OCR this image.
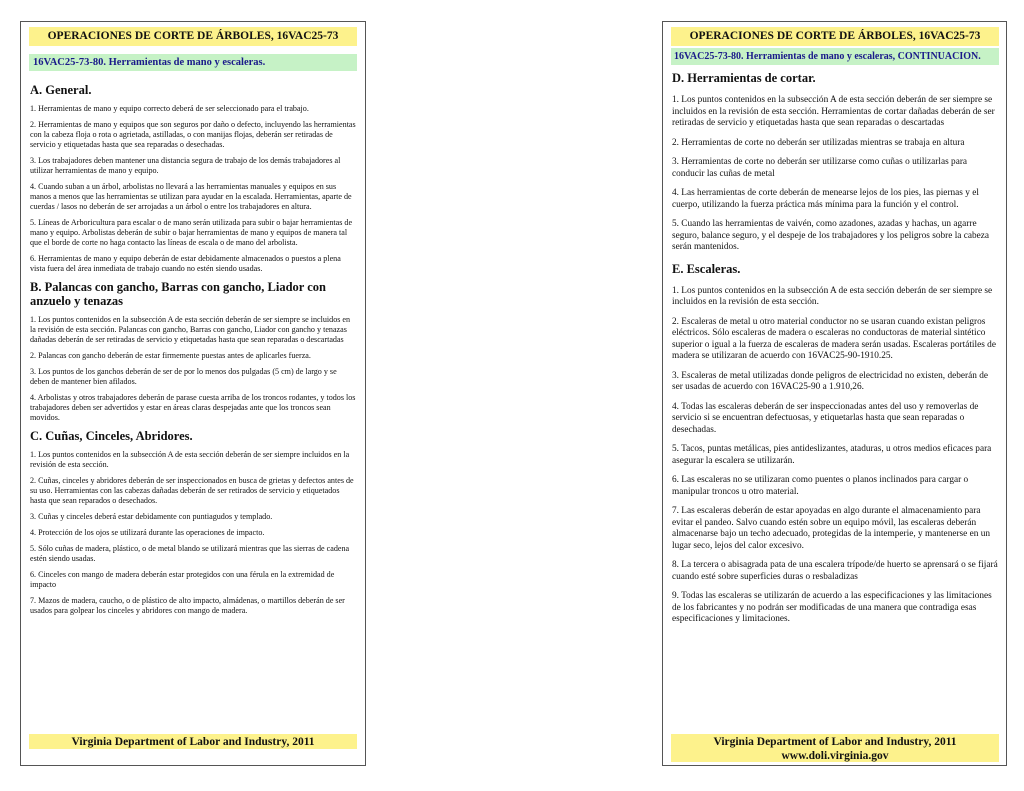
OPERACIONES DE CORTE DE ÁRBOLES, 16VAC25-73
16VAC25-73-80. Herramientas de mano y escaleras.
A. General.

1. Herramientas de mano y equipo correcto deberá de ser seleccionado para el trabajo.

2. Herramientas de mano y equipos que son seguros por daño o defecto, incluyendo las herramientas con la cabeza floja o rota o agrietada, astilladas, o con manijas flojas, deberán ser retiradas de servicio y etiquetadas hasta que sea reparadas o desechadas.

3. Los trabajadores deben mantener una distancia segura de trabajo de los demás trabajadores al utilizar herramientas de mano y equipo.

4. Cuando suban a un árbol, arbolistas no llevará a las herramientas manuales y equipos en sus manos a menos que las herramientas se utilizan para ayudar en la escalada. Herramientas, aparte de cuerdas / lasos no deberán de ser arrojadas a un árbol o entre los trabajadores en altura.

5. Líneas de Arboricultura para escalar o de mano serán utilizada para subir o bajar herramientas de mano y equipo. Arbolistas deberán de subir o bajar herramientas de mano y equipos de manera tal que el borde de corte no haga contacto las líneas de escala o de mano del arbolista.

6. Herramientas de mano y equipo deberán de estar debidamente almacenados o puestos a plena vista fuera del área inmediata de trabajo cuando no estén siendo usadas.

B. Palancas con gancho, Barras con gancho, Liador con anzuelo y tenazas

1. Los puntos contenidos en la subsección A de esta sección deberán de ser siempre se incluidos en la revisión de esta sección. Palancas con gancho, Barras con gancho, Liador con gancho y tenazas dañadas deberán de ser retiradas de servicio y etiquetadas hasta que sean reparadas o descartadas

2. Palancas con gancho deberán de estar firmemente puestas antes de aplicarles fuerza.

3. Los puntos de los ganchos deberán de ser de por lo menos dos pulgadas (5 cm) de largo y se deben de mantener bien afilados.

4. Arbolistas y otros trabajadores deberán de parase cuesta arriba de los troncos rodantes, y todos los trabajadores deben ser advertidos y estar en áreas claras despejadas ante que los troncos sean movidos.

C. Cuñas, Cinceles, Abridores.

1. Los puntos contenidos en la subsección A de esta sección deberán de ser siempre incluidos en la revisión de esta sección.

2. Cuñas, cinceles y abridores deberán de ser inspeccionados en busca de grietas y defectos antes de su uso. Herramientas con las cabezas dañadas deberán de ser retirados de servicio y etiquetados hasta que sean reparados o desechados.

3. Cuñas y cinceles deberá estar debidamente con puntiagudos y templado.

4. Protección de los ojos se utilizará durante las operaciones de impacto.

5. Sólo cuñas de madera, plástico, o de metal blando se utilizará mientras que las sierras de cadena estén siendo usadas.

6. Cinceles con mango de madera deberán estar protegidos con una férula en la extremidad de impacto

7. Mazos de madera, caucho, o de plástico de alto impacto, almádenas, o martillos deberán de ser usados para golpear los cinceles y abridores con mango de madera.

Virginia Department of Labor and Industry, 2011
OPERACIONES DE CORTE DE ÁRBOLES, 16VAC25-73
16VAC25-73-80. Herramientas de mano y escaleras, CONTINUACION.
D. Herramientas de cortar.

1. Los puntos contenidos en la subsección A de esta sección deberán de ser siempre se incluidos en la revisión de esta sección. Herramientas de cortar dañadas deberán de ser retiradas de servicio y etiquetadas hasta que sean reparadas o descartadas

2. Herramientas de corte no deberán ser utilizadas mientras se trabaja en altura

3. Herramientas de corte no deberán ser utilizarse como cuñas o utilizarlas para conducir las cuñas de metal

4. Las herramientas de corte deberán de menearse lejos de los pies, las piernas y el cuerpo, utilizando la fuerza práctica más mínima para la función y el control.

5. Cuando las herramientas de vaivén, como azadones, azadas y hachas, un agarre seguro, balance seguro, y el despeje de los trabajadores y los peligros sobre la cabeza serán mantenidos.

E. Escaleras.

1. Los puntos contenidos en la subsección A de esta sección deberán de ser siempre se incluidos en la revisión de esta sección.

2. Escaleras de metal u otro material conductor no se usaran cuando existan peligros eléctricos. Sólo escaleras de madera o escaleras no conductoras de material sintético superior o igual a la fuerza de escaleras de madera serán usadas. Escaleras portátiles de madera se utilizaran de acuerdo con 16VAC25-90-1910.25.

3. Escaleras de metal utilizadas donde peligros de electricidad no existen, deberán de ser usadas de acuerdo con 16VAC25-90 a 1.910,26.

4. Todas las escaleras deberán de ser inspeccionadas antes del uso y removerlas de servicio si se encuentran defectuosas, y etiquetarlas hasta que sean reparadas o desechadas.

5. Tacos, puntas metálicas, pies antideslizantes, ataduras, u otros medios eficaces para asegurar la escalera se utilizarán.

6. Las escaleras no se utilizaran como puentes o planos inclinados para cargar o manipular troncos u otro material.

7. Las escaleras deberán de estar apoyadas en algo durante el almacenamiento para evitar el pandeo. Salvo cuando estén sobre un equipo móvil, las escaleras deberán almacenarse bajo un techo adecuado, protegidas de la intemperie, y mantenerse en un lugar seco, lejos del calor excesivo.

8. La tercera o abisagrada pata de una escalera trípode/de huerto se aprensará o se fijará cuando esté sobre superficies duras o resbaladizas

9. Todas las escaleras se utilizarán de acuerdo a las especificaciones y las limitaciones de los fabricantes y no podrán ser modificadas de una manera que contradiga esas especificaciones y limitaciones.

Virginia Department of Labor and Industry, 2011
www.doli.virginia.gov
